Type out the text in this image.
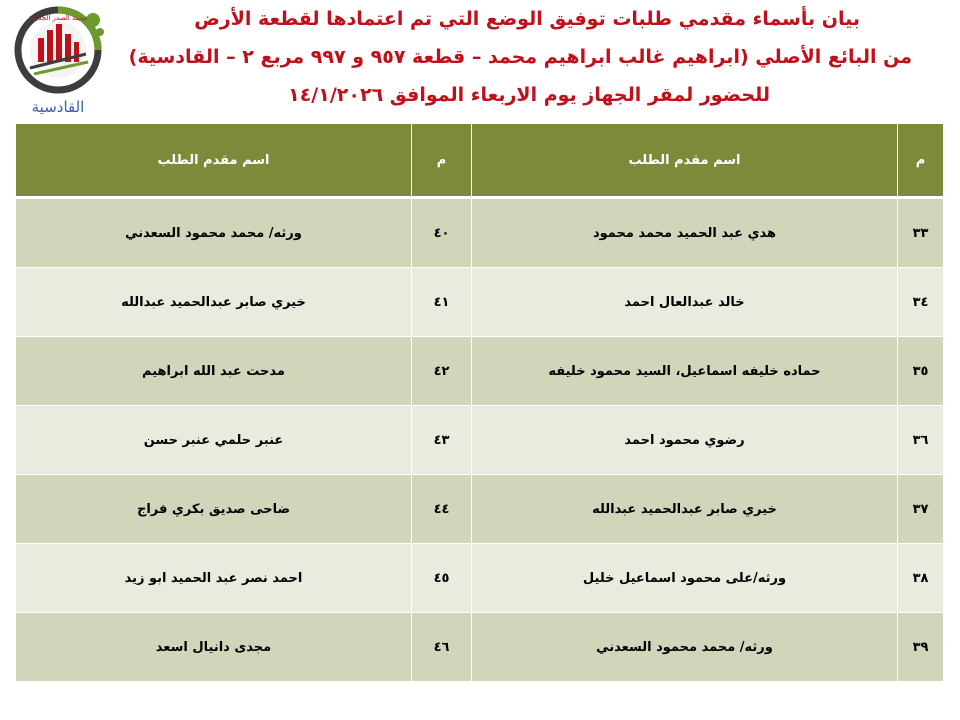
مدينة الصدر الجديدة
القادسية
بيان بأسماء مقدمي طلبات توفيق الوضع التي تم اعتمادها لقطعة الأرض
من البائع الأصلي (ابراهيم غالب ابراهيم محمد – قطعة ٩٥٧ و ٩٩٧ مربع ٢ – القادسية)
للحضور لمقر الجهاز يوم الاربعاء الموافق ١٤/١/٢٠٢٦
م	اسم مقدم الطلب	م	اسم مقدم الطلب
٣٣	هدي عبد الحميد محمد محمود	٤٠	ورثه/ محمد محمود السعدني
٣٤	خالد عبدالعال احمد	٤١	خيري صابر عبدالحميد عبدالله
٣٥	حماده خليفه اسماعيل، السيد محمود خليفه	٤٢	مدحت عبد الله ابراهيم
٣٦	رضوي محمود احمد	٤٣	عنبر حلمي عنبر حسن
٣٧	خيري صابر عبدالحميد عبدالله	٤٤	ضاحى صديق بكري فراج
٣٨	ورثه/على محمود اسماعيل خليل	٤٥	احمد نصر عبد الحميد ابو زيد
٣٩	ورثه/ محمد محمود السعدني	٤٦	مجدى دانيال اسعد
